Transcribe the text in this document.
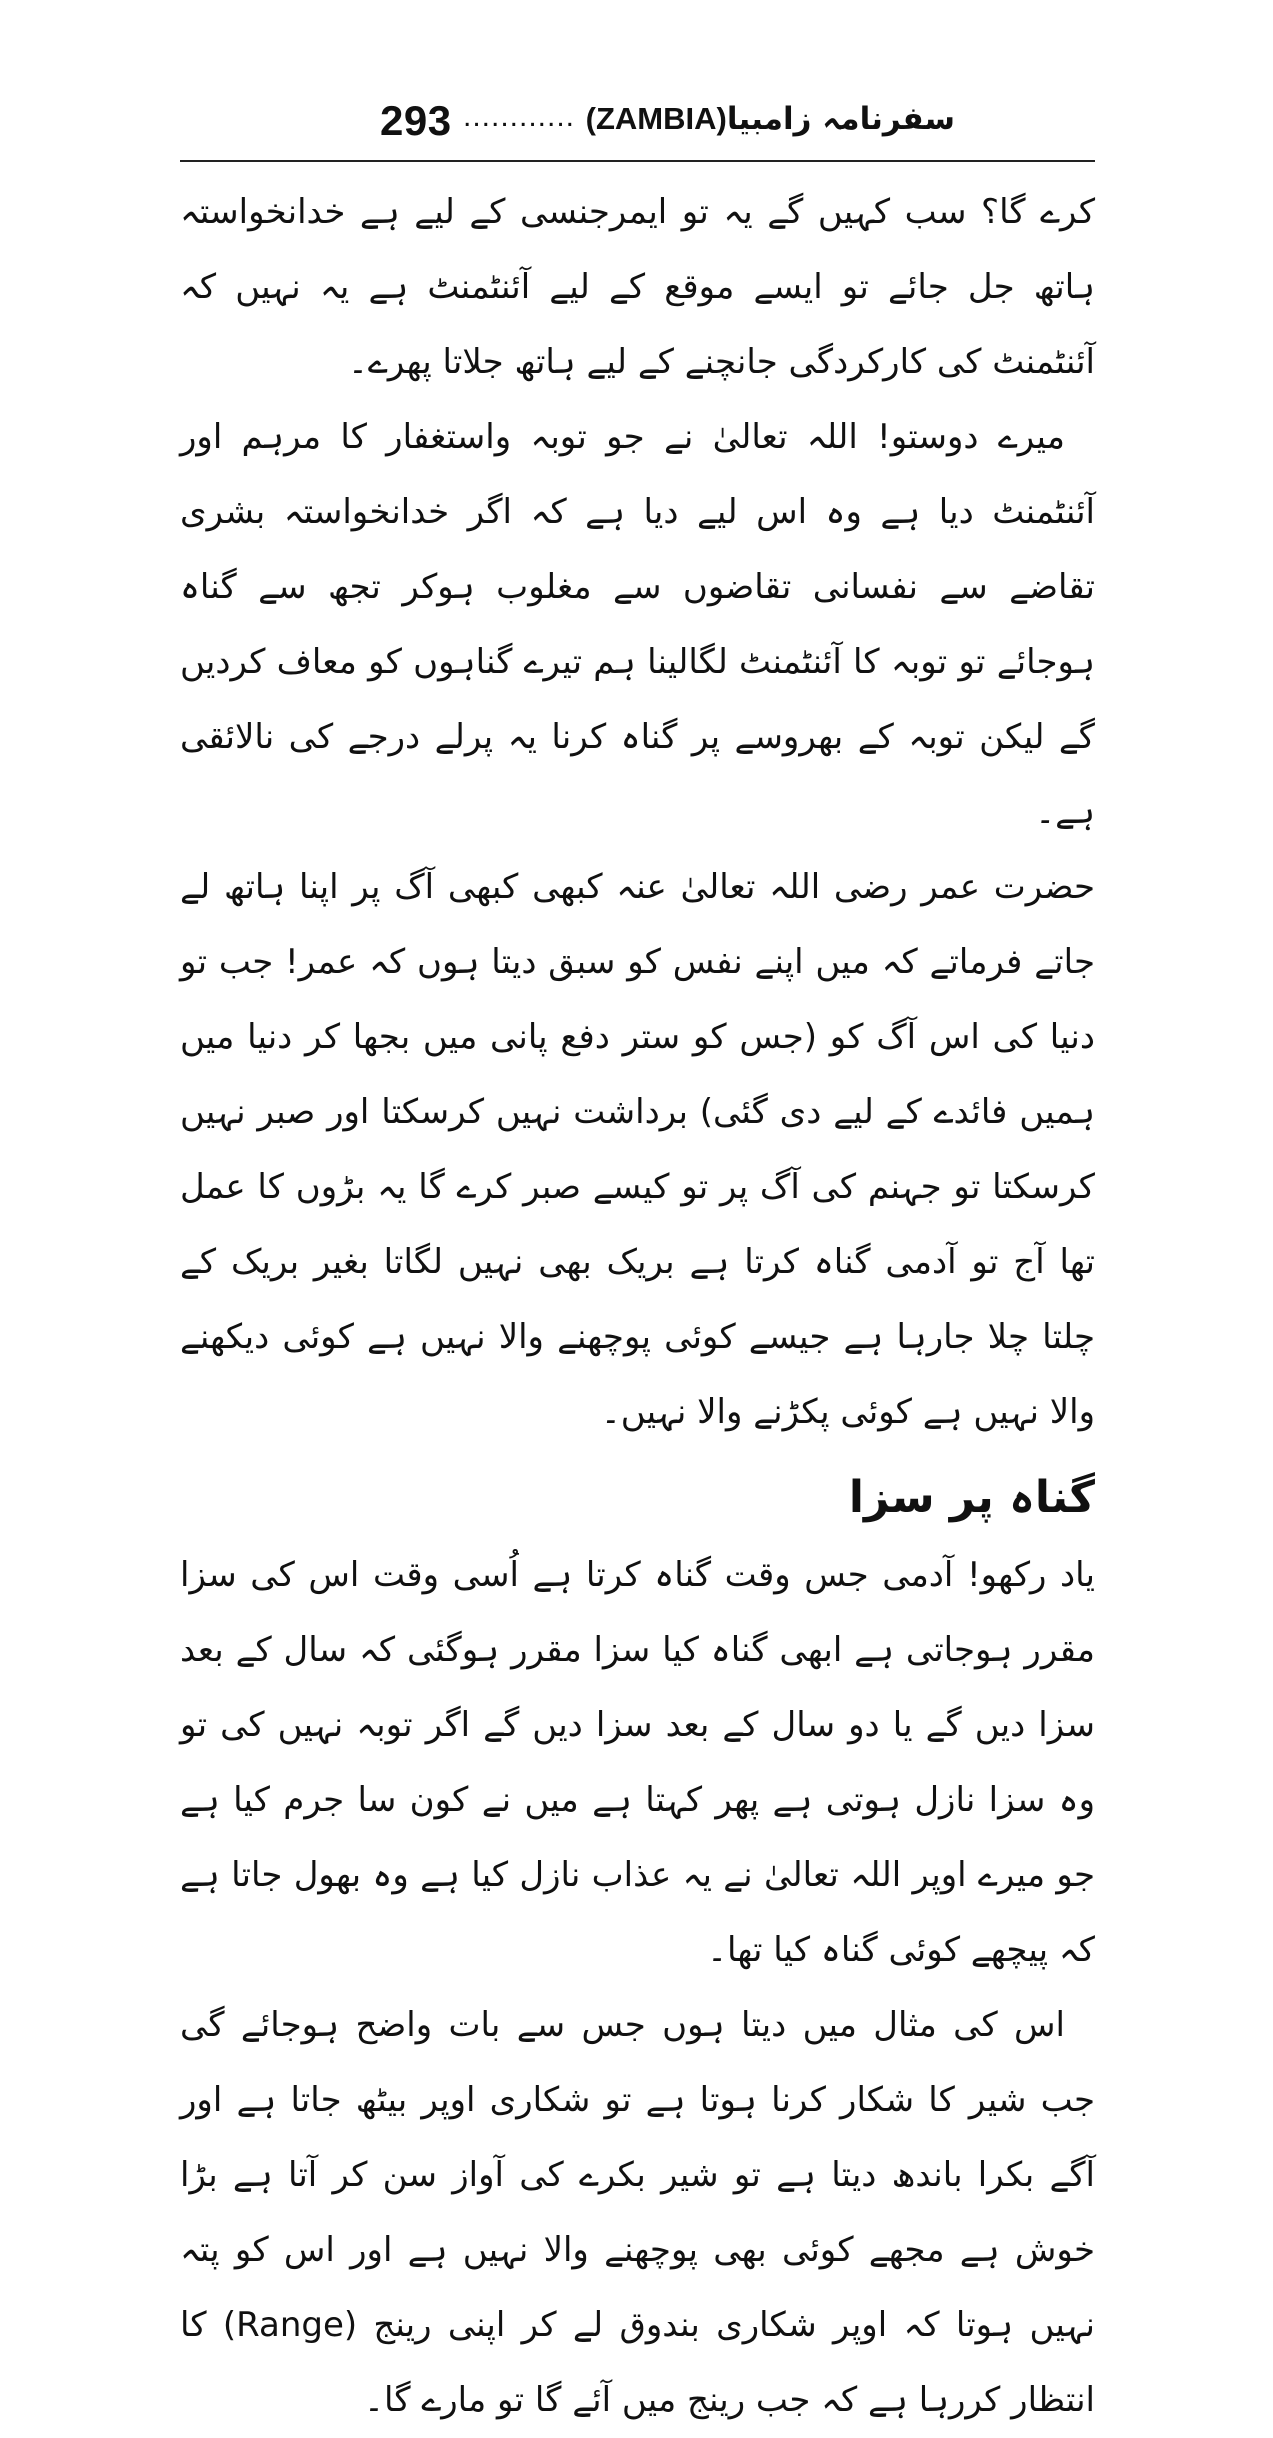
293 ............	سفرنامہ زامبیا(ZAMBIA)

کرے گا؟ سب کہیں گے یہ تو ایمرجنسی کے لیے ہے خدانخواستہ ہاتھ جل جائے تو ایسے موقع کے لیے آئنٹمنٹ ہے یہ نہیں کہ آئنٹمنٹ کی کارکردگی جانچنے کے لیے ہاتھ جلاتا پھرے۔

میرے دوستو! اللہ تعالیٰ نے جو توبہ واستغفار کا مرہم اور آئنٹمنٹ دیا ہے وہ اس لیے دیا ہے کہ اگر خدانخواستہ بشری تقاضے سے نفسانی تقاضوں سے مغلوب ہوکر تجھ سے گناہ ہوجائے تو توبہ کا آئنٹمنٹ لگالینا ہم تیرے گناہوں کو معاف کردیں گے لیکن توبہ کے بھروسے پر گناہ کرنا یہ پرلے درجے کی نالائقی ہے۔

حضرت عمر رضی اللہ تعالیٰ عنہ کبھی کبھی آگ پر اپنا ہاتھ لے جاتے فرماتے کہ میں اپنے نفس کو سبق دیتا ہوں کہ عمر! جب تو دنیا کی اس آگ کو (جس کو ستر دفع پانی میں بجھا کر دنیا میں ہمیں فائدے کے لیے دی گئی) برداشت نہیں کرسکتا اور صبر نہیں کرسکتا تو جہنم کی آگ پر تو کیسے صبر کرے گا یہ بڑوں کا عمل تھا آج تو آدمی گناہ کرتا ہے بریک بھی نہیں لگاتا بغیر بریک کے چلتا چلا جارہا ہے جیسے کوئی پوچھنے والا نہیں ہے کوئی دیکھنے والا نہیں ہے کوئی پکڑنے والا نہیں۔

گناہ پر سزا

یاد رکھو! آدمی جس وقت گناہ کرتا ہے اُسی وقت اس کی سزا مقرر ہوجاتی ہے ابھی گناہ کیا سزا مقرر ہوگئی کہ سال کے بعد سزا دیں گے یا دو سال کے بعد سزا دیں گے اگر توبہ نہیں کی تو وہ سزا نازل ہوتی ہے پھر کہتا ہے میں نے کون سا جرم کیا ہے جو میرے اوپر اللہ تعالیٰ نے یہ عذاب نازل کیا ہے وہ بھول جاتا ہے کہ پیچھے کوئی گناہ کیا تھا۔

اس کی مثال میں دیتا ہوں جس سے بات واضح ہوجائے گی جب شیر کا شکار کرنا ہوتا ہے تو شکاری اوپر بیٹھ جاتا ہے اور آگے بکرا باندھ دیتا ہے تو شیر بکرے کی آواز سن کر آتا ہے بڑا خوش ہے مجھے کوئی بھی پوچھنے والا نہیں ہے اور اس کو پتہ نہیں ہوتا کہ اوپر شکاری بندوق لے کر اپنی رینج (Range) کا انتظار کررہا ہے کہ جب رینج میں آئے گا تو مارے گا۔
